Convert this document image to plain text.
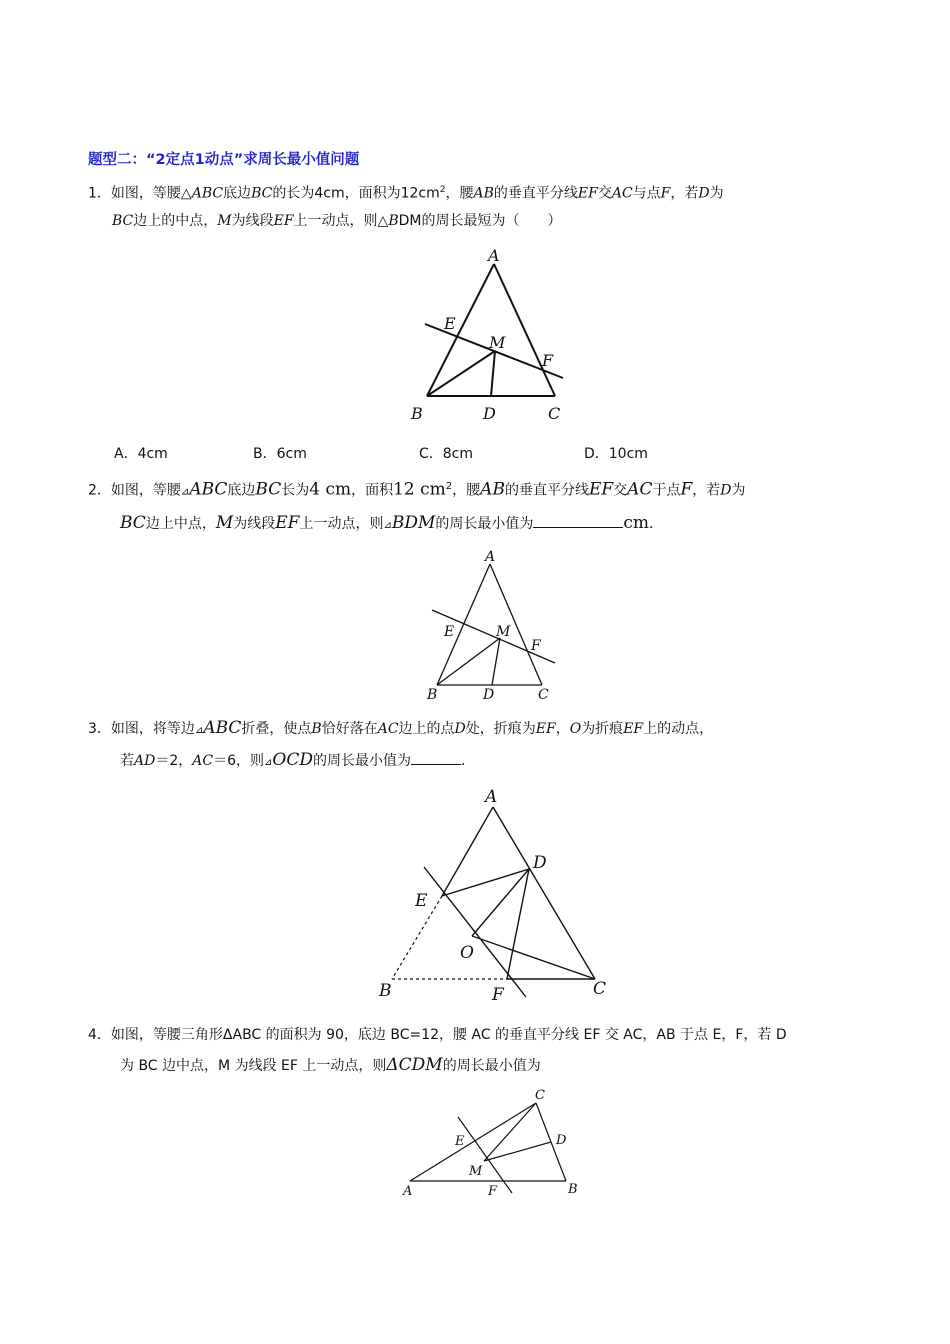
题型二：“2定点1动点”求周长最小值问题
1．如图，等腰△ABC底边BC的长为4cm，面积为$12cm^2$，腰AB的垂直平分线EF交AC与点F，若D为
BC边上的中点，M为线段EF上一动点，则△BDM的周长最短为（　　）
A
E
M
F
B	D	C
A．4cm	B．6cm	C．8cm	D．10cm
2．如图，等腰⊿ABC底边BC长为4 cm，面积12 $cm^2$，腰AB的垂直平分线EF交AC于点F，若D为
BC边上中点，M为线段EF上一动点，则⊿BDM的周长最小值为	cm．
A
E	M
F
B	D	C
3．如图，将等边⊿ABC折叠，使点B恰好落在AC边上的点D处，折痕为EF，O为折痕EF上的动点，
若AD＝2，AC＝6，则⊿OCD的周长最小值为	．
A
D
E
O
B	F	C
4．如图，等腰三角形ΔABC 的面积为 90，底边 BC=12，腰 AC 的垂直平分线 EF 交 AC，AB 于点 E，F，若 D
为 BC 边中点，M 为线段 EF 上一动点，则ΔCDM的周长最小值为
C
E	D
M
A	F	B
